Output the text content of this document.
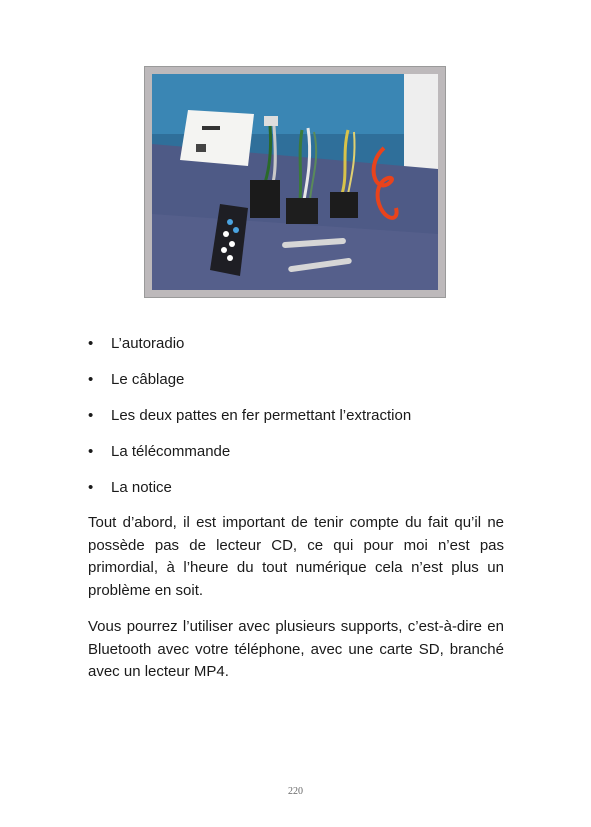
• L’autoradio
• Le câblage
• Les deux pattes en fer permettant l’extraction
• La télécommande
• La notice

Tout d’abord, il est important de tenir compte du fait qu’il ne possède pas de lecteur CD, ce qui pour moi n’est pas primordial, à l’heure du tout numérique cela n’est plus un problème en soit.

Vous pourrez l’utiliser avec plusieurs supports, c’est-à-dire en Bluetooth avec votre téléphone, avec une carte SD, branché avec un lecteur MP4.

220
